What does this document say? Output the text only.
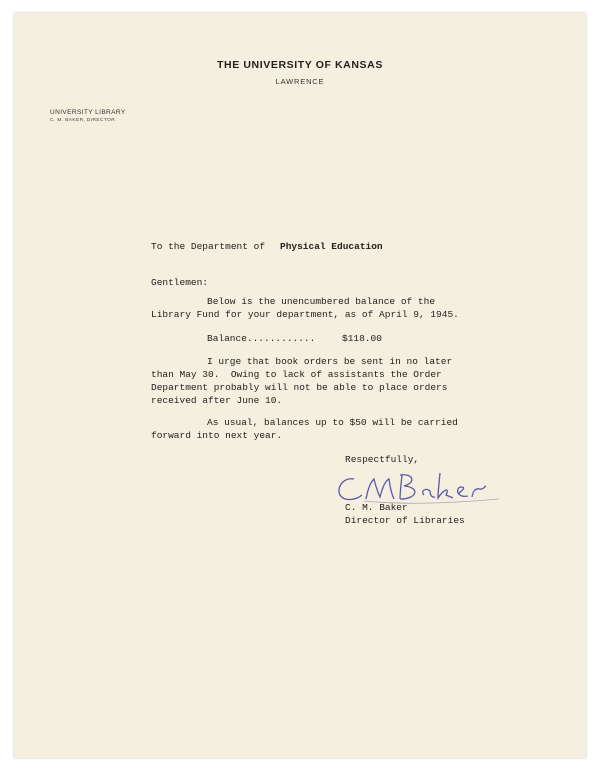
THE UNIVERSITY OF KANSAS
LAWRENCE
UNIVERSITY LIBRARY
C. M. BAKER, DIRECTOR
To the Department of Physical Education
Gentlemen:
Below is the unencumbered balance of the
Library Fund for your department, as of April 9, 1945.
Balance............	$118.00
I urge that book orders be sent in no later
than May 30.  Owing to lack of assistants the Order
Department probably will not be able to place orders
received after June 10.
As usual, balances up to $50 will be carried
forward into next year.
Respectfully,
C. M. Baker
Director of Libraries
